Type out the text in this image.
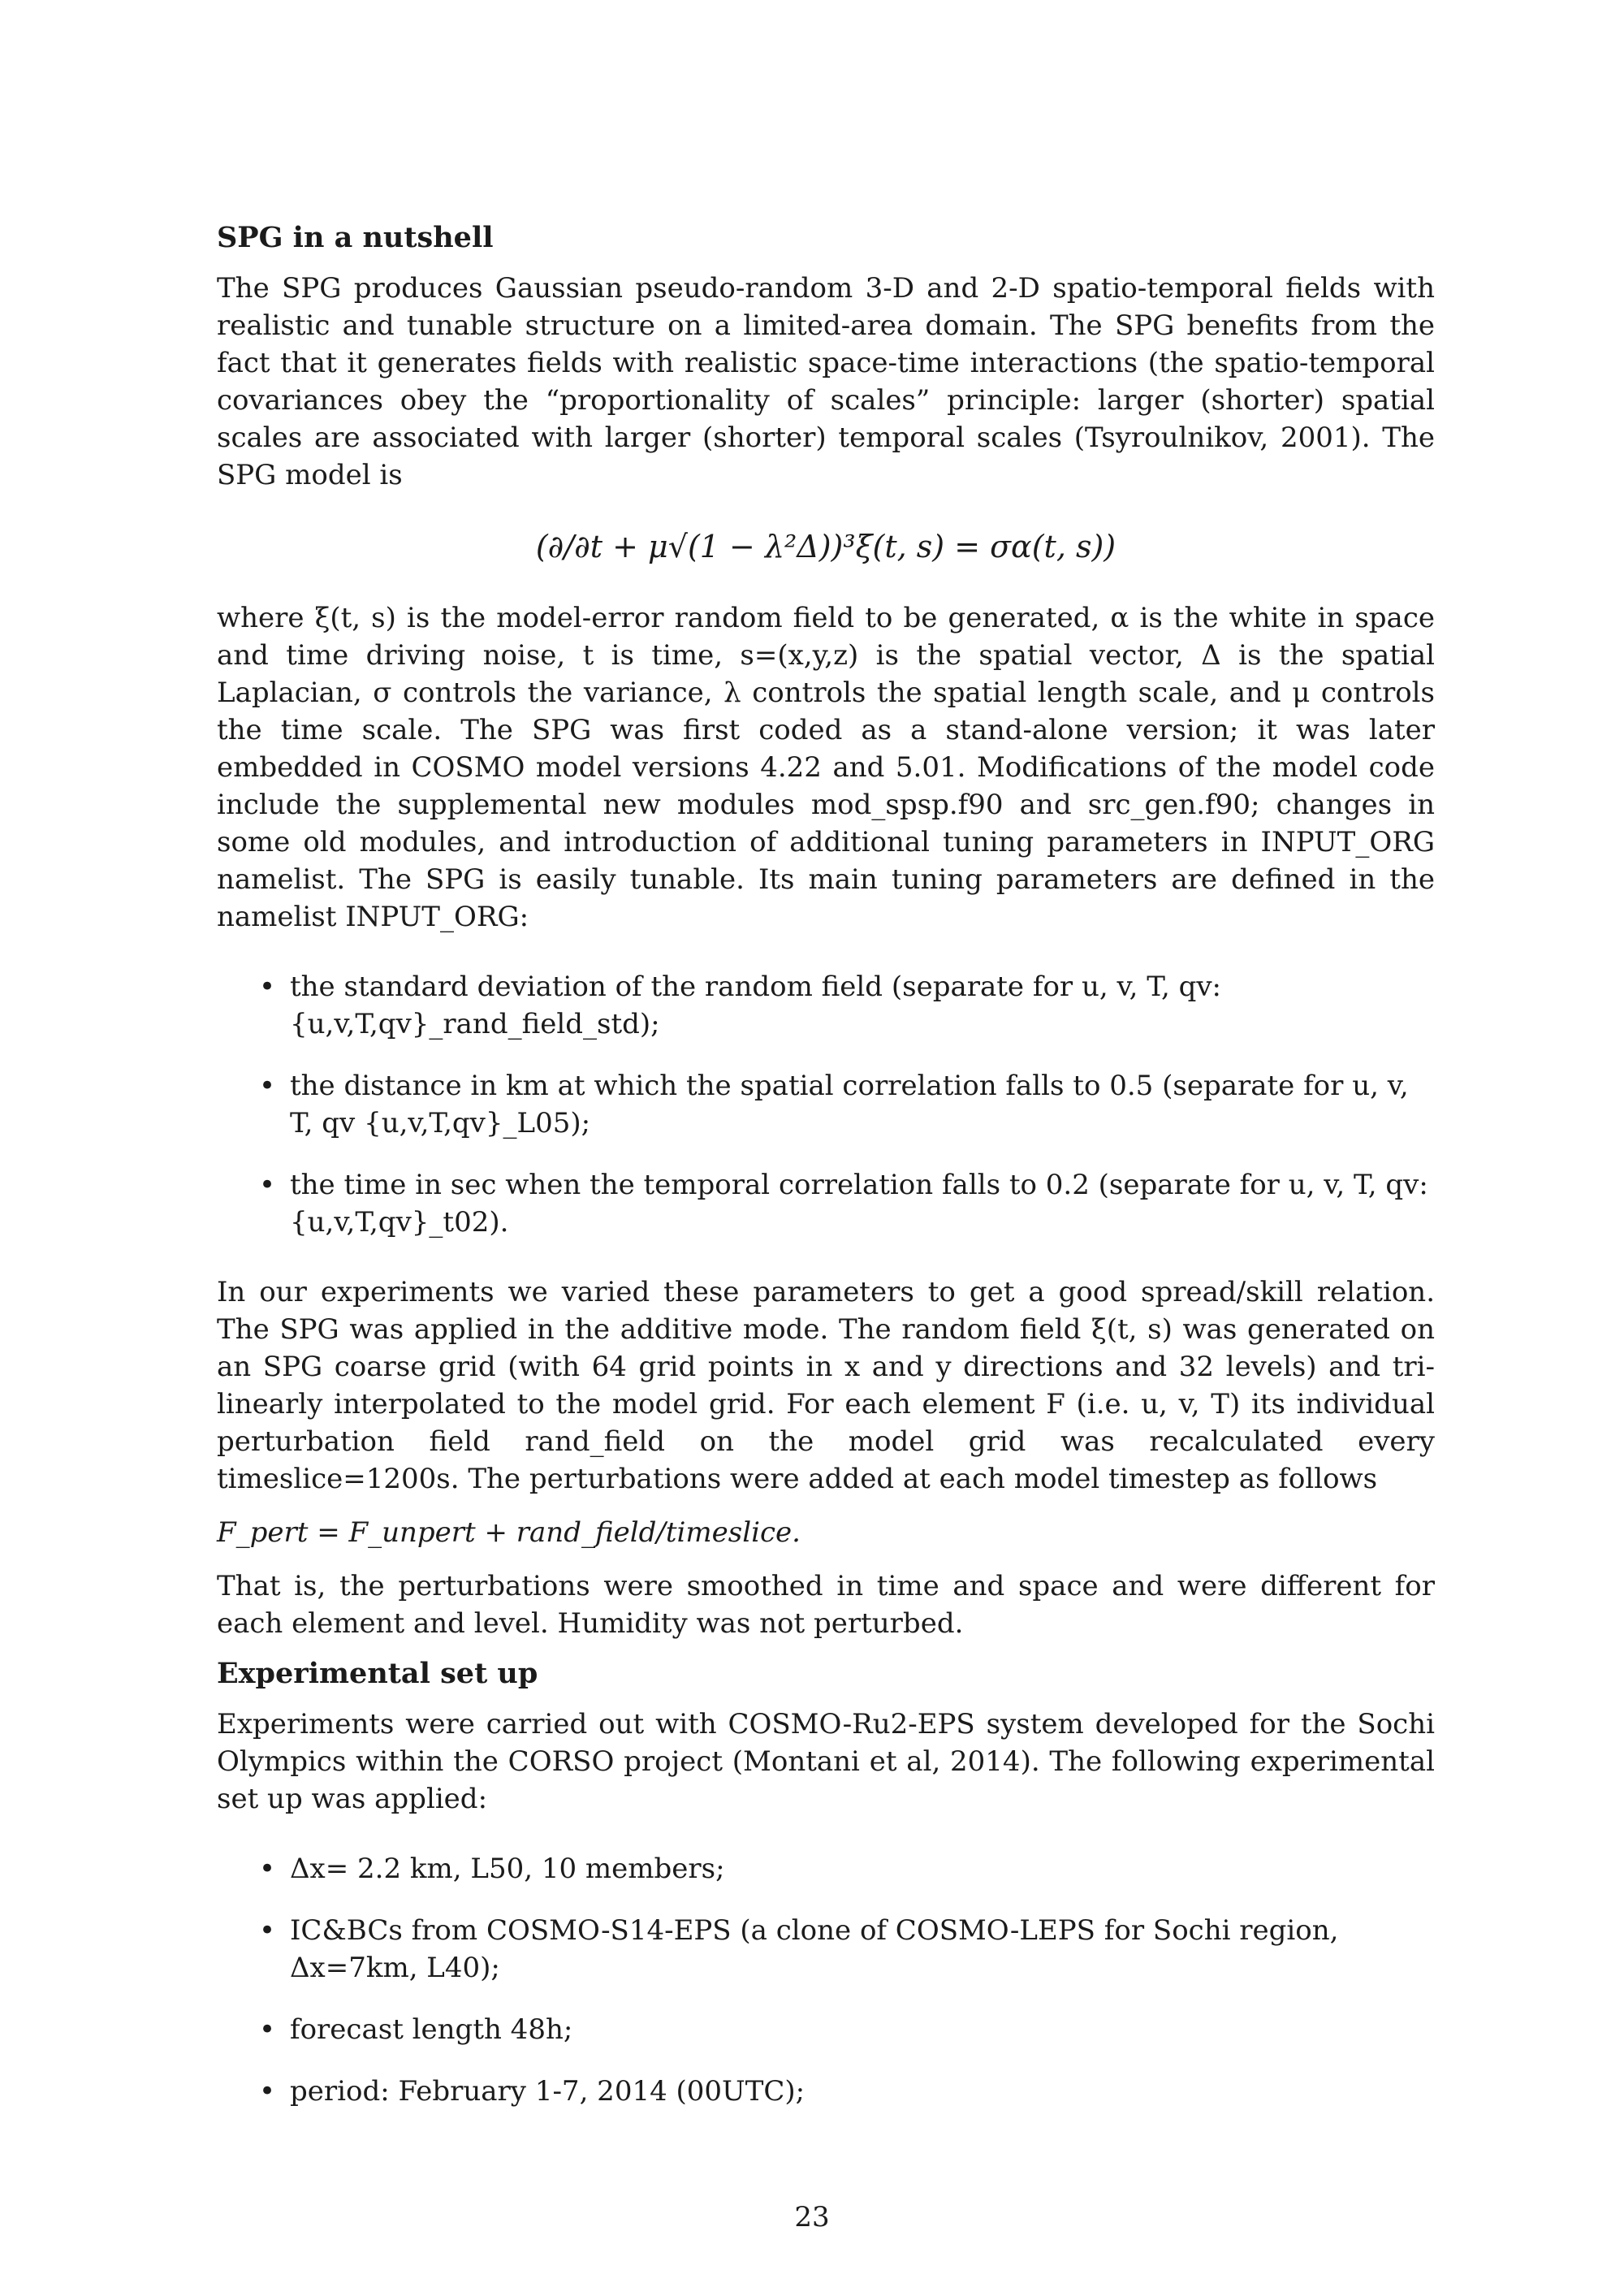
SPG in a nutshell

The SPG produces Gaussian pseudo-random 3-D and 2-D spatio-temporal fields with realistic and tunable structure on a limited-area domain. The SPG benefits from the fact that it generates fields with realistic space-time interactions (the spatio-temporal covariances obey the “proportionality of scales” principle: larger (shorter) spatial scales are associated with larger (shorter) temporal scales (Tsyroulnikov, 2001). The SPG model is

(∂/∂t + μ√(1 − λ²Δ))³ξ(t, s) = σα(t, s))

where ξ(t, s) is the model-error random field to be generated, α is the white in space and time driving noise, t is time, s=(x,y,z) is the spatial vector, Δ is the spatial Laplacian, σ controls the variance, λ controls the spatial length scale, and μ controls the time scale. The SPG was first coded as a stand-alone version; it was later embedded in COSMO model versions 4.22 and 5.01. Modifications of the model code include the supplemental new modules mod_spsp.f90 and src_gen.f90; changes in some old modules, and introduction of additional tuning parameters in INPUT_ORG namelist. The SPG is easily tunable. Its main tuning parameters are defined in the namelist INPUT_ORG:

• the standard deviation of the random field (separate for u, v, T, qv: {u,v,T,qv}_rand_field_std);
• the distance in km at which the spatial correlation falls to 0.5 (separate for u, v, T, qv {u,v,T,qv}_L05);
• the time in sec when the temporal correlation falls to 0.2 (separate for u, v, T, qv: {u,v,T,qv}_t02).

In our experiments we varied these parameters to get a good spread/skill relation. The SPG was applied in the additive mode. The random field ξ(t, s) was generated on an SPG coarse grid (with 64 grid points in x and y directions and 32 levels) and tri-linearly interpolated to the model grid. For each element F (i.e. u, v, T) its individual perturbation field rand_field on the model grid was recalculated every timeslice=1200s. The perturbations were added at each model timestep as follows

F_pert = F_unpert + rand_field/timeslice.

That is, the perturbations were smoothed in time and space and were different for each element and level. Humidity was not perturbed.

Experimental set up

Experiments were carried out with COSMO-Ru2-EPS system developed for the Sochi Olympics within the CORSO project (Montani et al, 2014). The following experimental set up was applied:

• Δx= 2.2 km, L50, 10 members;
• IC&BCs from COSMO-S14-EPS (a clone of COSMO-LEPS for Sochi region, Δx=7km, L40);
• forecast length 48h;
• period: February 1-7, 2014 (00UTC);
23
